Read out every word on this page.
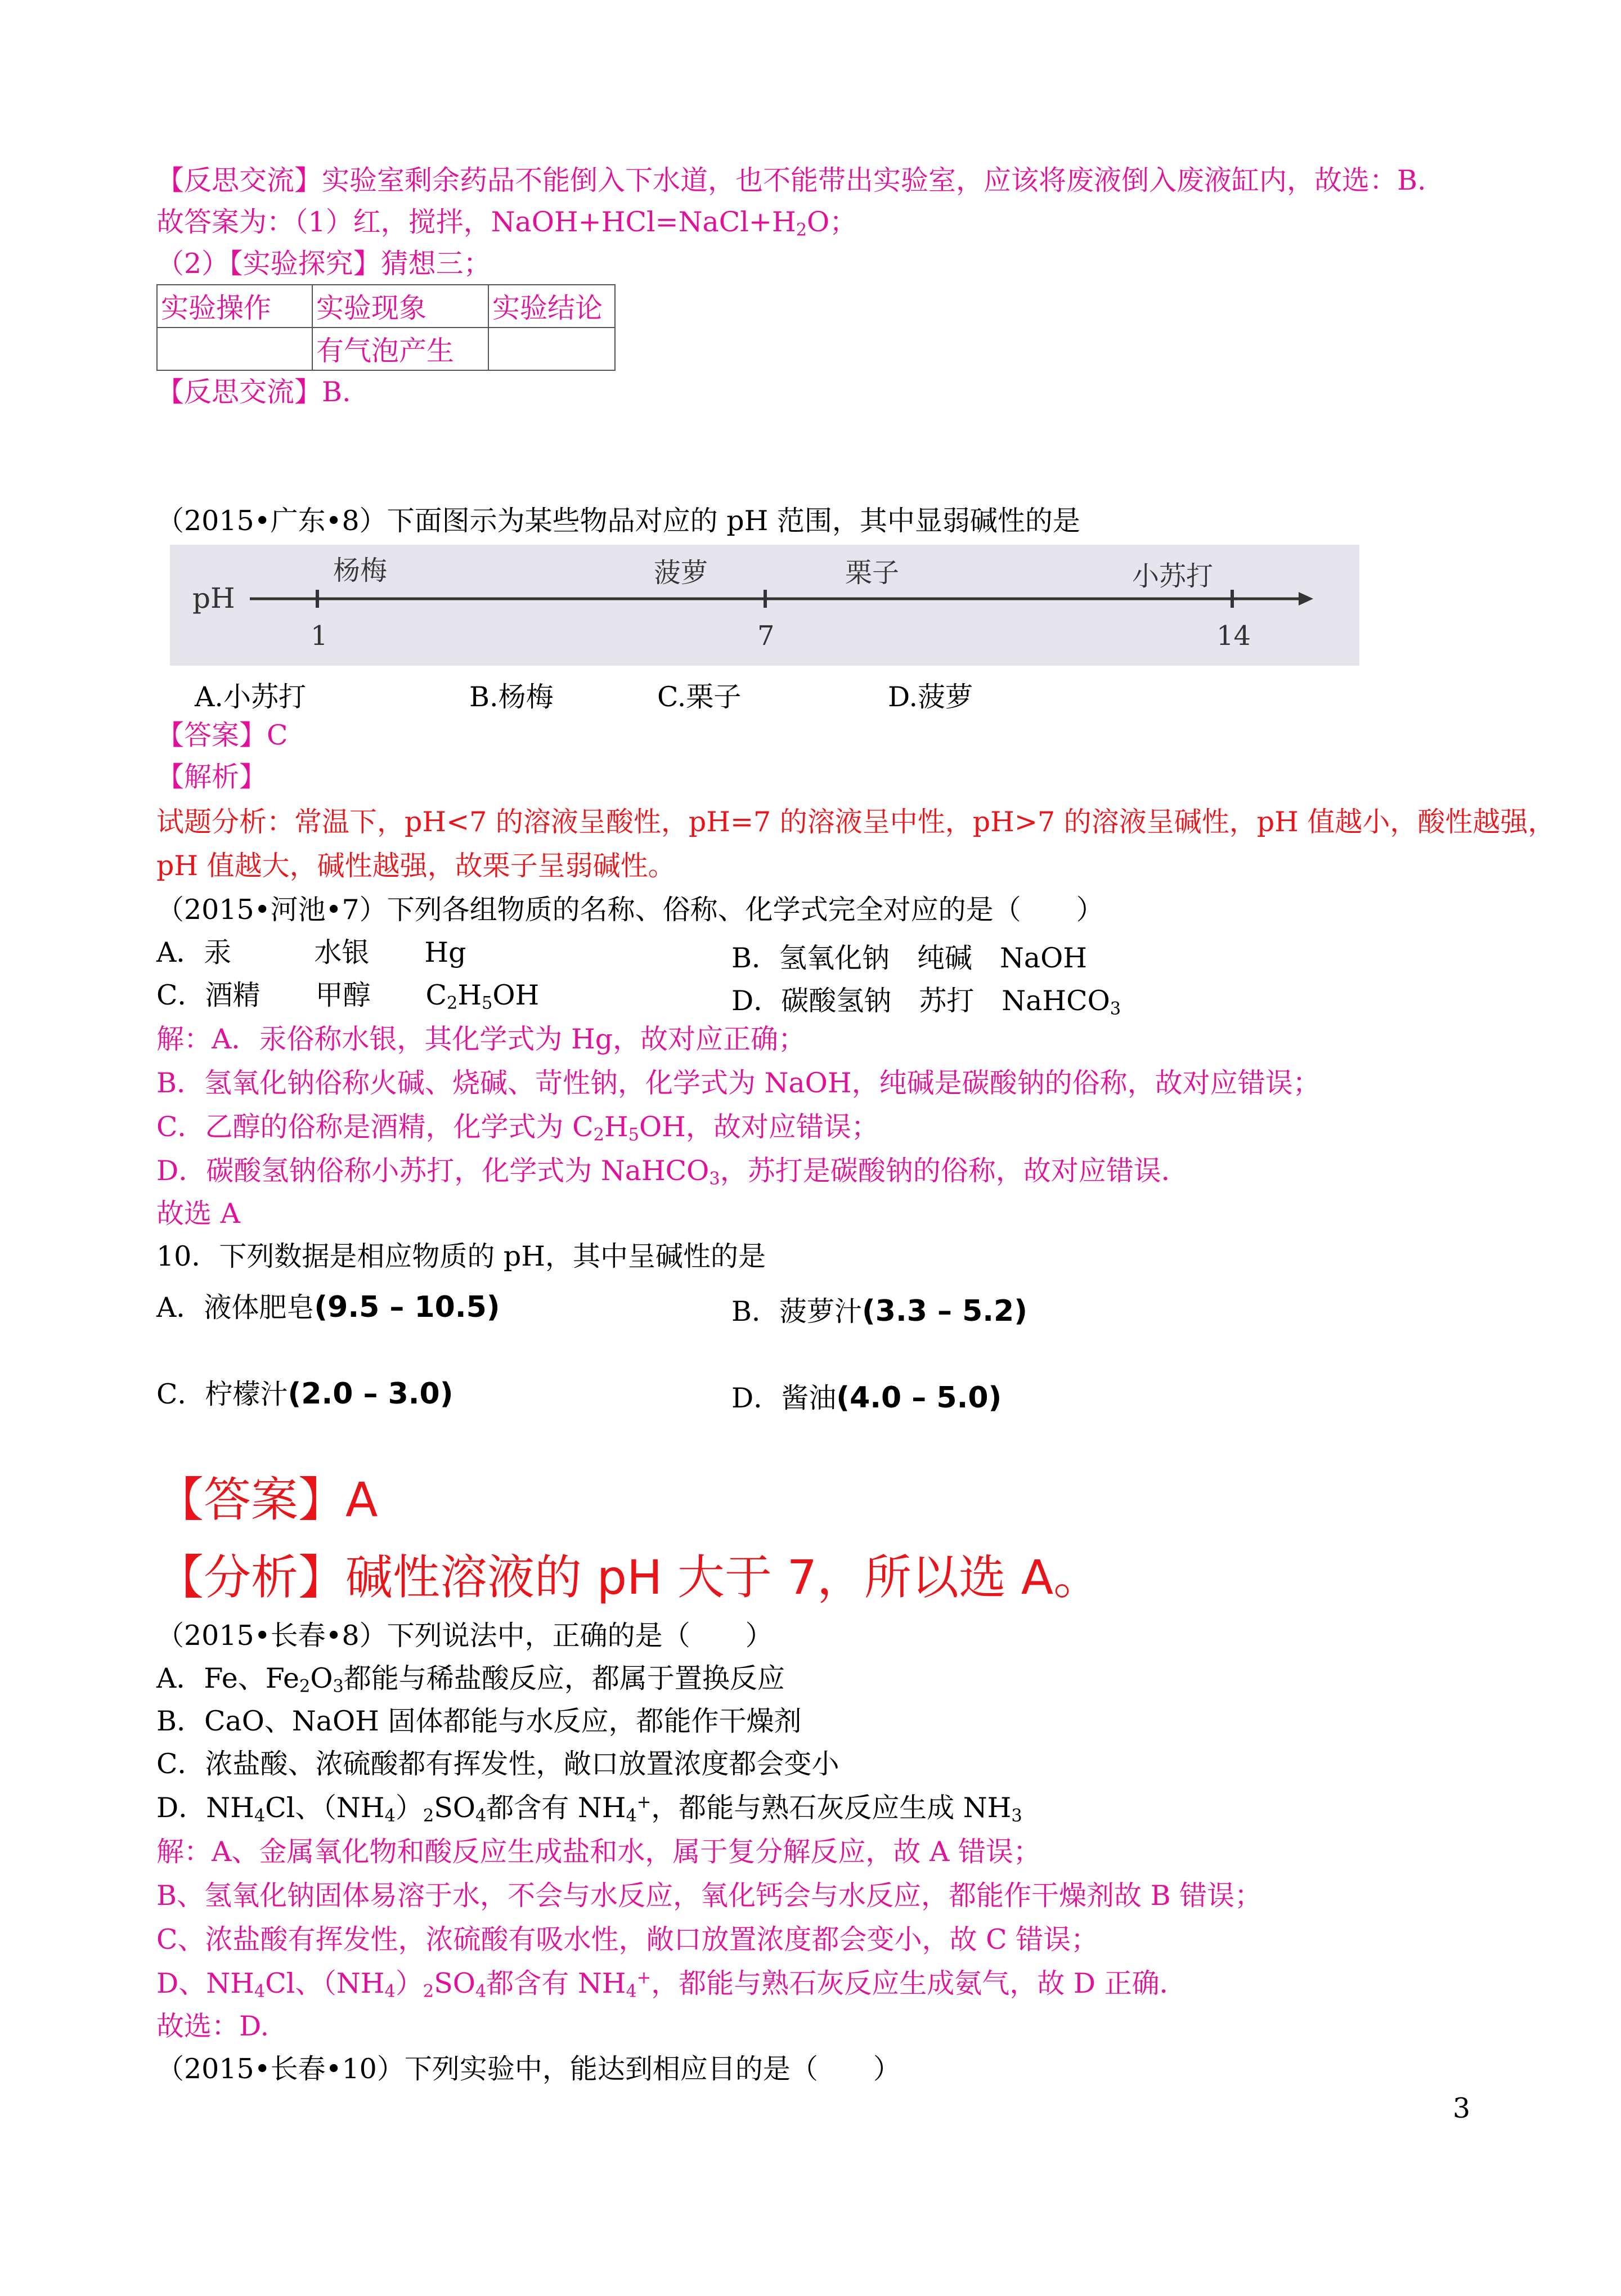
【反思交流】实验室剩余药品不能倒入下水道，也不能带出实验室，应该将废液倒入废液缸内，故选：B.
故答案为：（1）红，搅拌，$NaOH+HCl=NaCl+H_2O$；
（2）【实验探究】猜想三；
实验操作	实验现象	实验结论
	有气泡产生	
【反思交流】B.
（2015•广东•8）下面图示为某些物品对应的 pH 范围，其中显弱碱性的是
pH
1	7	14
杨梅	菠萝	栗子	小苏打
A.小苏打	B.杨梅	C.栗子	D.菠萝
【答案】C
【解析】
试题分析：常温下，pH<7 的溶液呈酸性，pH=7 的溶液呈中性，pH>7 的溶液呈碱性，pH 值越小，酸性越强，
pH 值越大，碱性越强，故栗子呈弱碱性。
（2015•河池•7）下列各组物质的名称、俗称、化学式完全对应的是（　　）
A．汞　　　水银　　Hg	B．氢氧化钠　纯碱　NaOH
C．酒精　　甲醇　　$C_2H_5OH$	D．碳酸氢钠　苏打　NaHCO$_3$
解：A．汞俗称水银，其化学式为 Hg，故对应正确；
B．氢氧化钠俗称火碱、烧碱、苛性钠，化学式为 NaOH，纯碱是碳酸钠的俗称，故对应错误；
C．乙醇的俗称是酒精，化学式为 $C_2H_5OH$，故对应错误；
D．碳酸氢钠俗称小苏打，化学式为 NaHCO$_3$，苏打是碳酸钠的俗称，故对应错误．
故选 A
10．下列数据是相应物质的 pH，其中呈碱性的是
A．液体肥皂(9.5 – 10.5)	B．菠萝汁(3.3 – 5.2)
C．柠檬汁(2.0 – 3.0)	D．酱油(4.0 – 5.0)
【答案】A
【分析】碱性溶液的 pH 大于 7，所以选 A。
（2015•长春•8）下列说法中，正确的是（　　）
A．Fe、$Fe_2O_3$都能与稀盐酸反应，都属于置换反应
B．CaO、NaOH 固体都能与水反应，都能作干燥剂
C．浓盐酸、浓硫酸都有挥发性，敞口放置浓度都会变小
D．$NH_4Cl$、$(NH_4)_2SO_4$都含有 $NH_4^+$，都能与熟石灰反应生成 $NH_3$
解：A、金属氧化物和酸反应生成盐和水，属于复分解反应，故 A 错误；
B、氢氧化钠固体易溶于水，不会与水反应，氧化钙会与水反应，都能作干燥剂故 B 错误；
C、浓盐酸有挥发性，浓硫酸有吸水性，敞口放置浓度都会变小，故 C 错误；
D、$NH_4Cl$、$(NH_4)_2SO_4$都含有 $NH_4^+$，都能与熟石灰反应生成氨气，故 D 正确．
故选：D.
（2015•长春•10）下列实验中，能达到相应目的是（　　）
3
